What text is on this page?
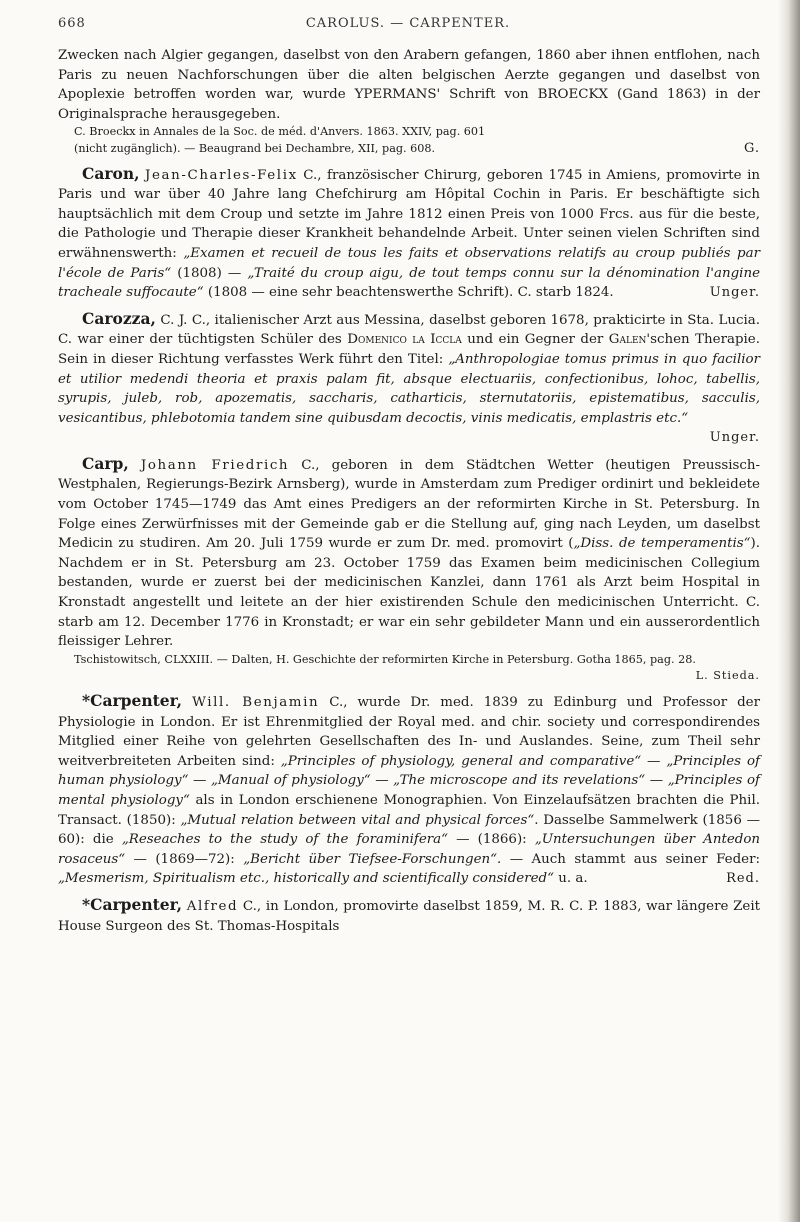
668	CAROLUS. — CARPENTER.

Zwecken nach Algier gegangen, daselbst von den Arabern gefangen, 1860 aber ihnen entflohen, nach Paris zu neuen Nachforschungen über die alten belgischen Aerzte gegangen und daselbst von Apoplexie betroffen worden war, wurde YPERMANS' Schrift von BROECKX (Gand 1863) in der Originalsprache herausgegeben.

C. Broeckx in Annales de la Soc. de méd. d'Anvers. 1863. XXIV, pag. 601
(nicht zugänglich). — Beaugrand bei Dechambre, XII, pag. 608.	G.

Caron, Jean-Charles-Felix C., französischer Chirurg, geboren 1745 in Amiens, promovirte in Paris und war über 40 Jahre lang Chefchirurg am Hôpital Cochin in Paris. Er beschäftigte sich hauptsächlich mit dem Croup und setzte im Jahre 1812 einen Preis von 1000 Frcs. aus für die beste, die Pathologie und Therapie dieser Krankheit behandelnde Arbeit. Unter seinen vielen Schriften sind erwähnenswerth: „Examen et recueil de tous les faits et observations relatifs au croup publiés par l'école de Paris“ (1808) — „Traité du croup aigu, de tout temps connu sur la dénomination l'angine tracheale suffocaute“ (1808 — eine sehr beachtenswerthe Schrift). C. starb 1824.	Unger.

Carozza, C. J. C., italienischer Arzt aus Messina, daselbst geboren 1678, prakticirte in Sta. Lucia. C. war einer der tüchtigsten Schüler des Domenico la Iccla und ein Gegner der Galen'schen Therapie. Sein in dieser Richtung verfasstes Werk führt den Titel: „Anthropologiae tomus primus in quo facilior et utilior medendi theoria et praxis palam fit, absque electuariis, confectionibus, lohoc, tabellis, syrupis, juleb, rob, apozematis, saccharis, catharticis, sternutatoriis, epistematibus, sacculis, vesicantibus, phlebotomia tandem sine quibusdam decoctis, vinis medicatis, emplastris etc.“
Unger.

Carp, Johann Friedrich C., geboren in dem Städtchen Wetter (heutigen Preussisch-Westphalen, Regierungs-Bezirk Arnsberg), wurde in Amsterdam zum Prediger ordinirt und bekleidete vom October 1745—1749 das Amt eines Predigers an der reformirten Kirche in St. Petersburg. In Folge eines Zerwürfnisses mit der Gemeinde gab er die Stellung auf, ging nach Leyden, um daselbst Medicin zu studiren. Am 20. Juli 1759 wurde er zum Dr. med. promovirt („Diss. de temperamentis“). Nachdem er in St. Petersburg am 23. October 1759 das Examen beim medicinischen Collegium bestanden, wurde er zuerst bei der medicinischen Kanzlei, dann 1761 als Arzt beim Hospital in Kronstadt angestellt und leitete an der hier existirenden Schule den medicinischen Unterricht. C. starb am 12. December 1776 in Kronstadt; er war ein sehr gebildeter Mann und ein ausserordentlich fleissiger Lehrer.

Tschistowitsch, CLXXIII. — Dalten, H. Geschichte der reformirten Kirche in Petersburg. Gotha 1865, pag. 28.
L. Stieda.

*Carpenter, Will. Benjamin C., wurde Dr. med. 1839 zu Edinburg und Professor der Physiologie in London. Er ist Ehrenmitglied der Royal med. and chir. society und correspondirendes Mitglied einer Reihe von gelehrten Gesellschaften des In- und Auslandes. Seine, zum Theil sehr weitverbreiteten Arbeiten sind: „Principles of physiology, general and comparative“ — „Principles of human physiology“ — „Manual of physiology“ — „The microscope and its revelations“ — „Principles of mental physiology“ als in London erschienene Monographien. Von Einzelaufsätzen brachten die Phil. Transact. (1850): „Mutual relation between vital and physical forces“. Dasselbe Sammelwerk (1856 — 60): die „Reseaches to the study of the foraminifera“ — (1866): „Untersuchungen über Antedon rosaceus“ — (1869—72): „Bericht über Tiefsee-Forschungen“. — Auch stammt aus seiner Feder: „Mesmerism, Spiritualism etc., historically and scientifically considered“ u. a.	Red.

*Carpenter, Alfred C., in London, promovirte daselbst 1859, M. R. C. P. 1883, war längere Zeit House Surgeon des St. Thomas-Hospitals
